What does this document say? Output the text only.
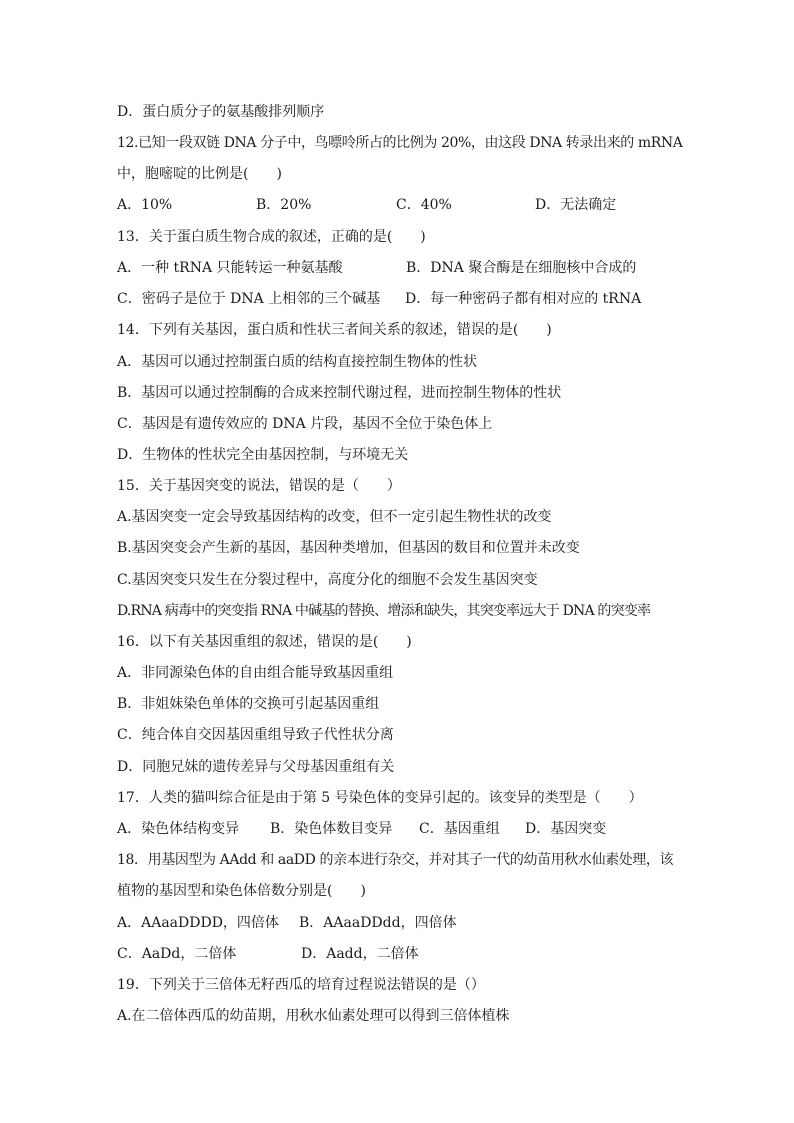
D．蛋白质分子的氨基酸排列顺序
12.已知一段双链 DNA 分子中，鸟嘌呤所占的比例为 20%，由这段 DNA 转录出来的 mRNA
中，胞嘧啶的比例是(　　)
A．10%	B．20%	C．40%	D．无法确定
13．关于蛋白质生物合成的叙述，正确的是(　　)
A．一种 tRNA 只能转运一种氨基酸	B．DNA 聚合酶是在细胞核中合成的
C．密码子是位于 DNA 上相邻的三个碱基 D．每一种密码子都有相对应的 tRNA
14．下列有关基因，蛋白质和性状三者间关系的叙述，错误的是(　　)
A．基因可以通过控制蛋白质的结构直接控制生物体的性状
B．基因可以通过控制酶的合成来控制代谢过程，进而控制生物体的性状
C．基因是有遗传效应的 DNA 片段，基因不全位于染色体上
D．生物体的性状完全由基因控制，与环境无关
15．关于基因突变的说法，错误的是（　　）
A.基因突变一定会导致基因结构的改变，但不一定引起生物性状的改变
B.基因突变会产生新的基因，基因种类增加，但基因的数目和位置并未改变
C.基因突变只发生在分裂过程中，高度分化的细胞不会发生基因突变
D.RNA 病毒中的突变指 RNA 中碱基的替换、增添和缺失，其突变率远大于 DNA 的突变率
16．以下有关基因重组的叙述，错误的是(　　)
A．非同源染色体的自由组合能导致基因重组
B．非姐妹染色单体的交换可引起基因重组
C．纯合体自交因基因重组导致子代性状分离
D．同胞兄妹的遗传差异与父母基因重组有关
17．人类的猫叫综合征是由于第 5 号染色体的变异引起的。该变异的类型是（　　）
A．染色体结构变异 B．染色体数目变异 C．基因重组 D．基因突变
18．用基因型为 AAdd 和 aaDD 的亲本进行杂交，并对其子一代的幼苗用秋水仙素处理，该
植物的基因型和染色体倍数分别是(　　)
A．AAaaDDDD，四倍体 B．AAaaDDdd，四倍体
C．AaDd，二倍体	D．Aadd，二倍体
19．下列关于三倍体无籽西瓜的培育过程说法错误的是（）
A.在二倍体西瓜的幼苗期，用秋水仙素处理可以得到三倍体植株
